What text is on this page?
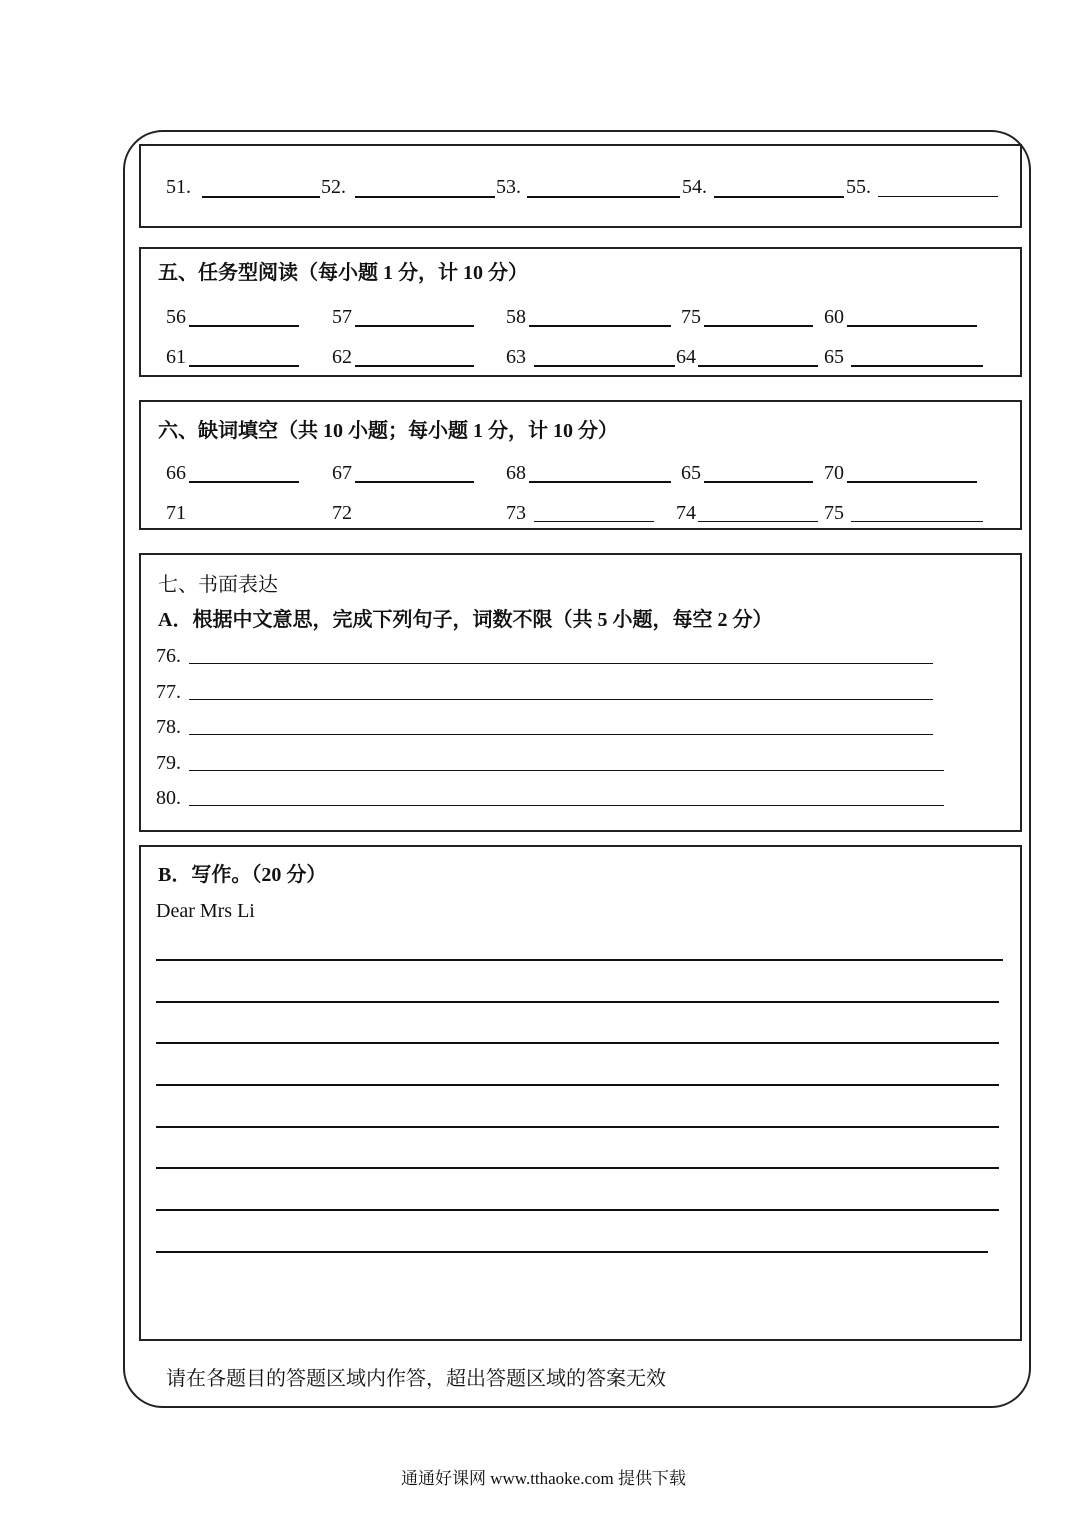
51.	52.	53.	54.	55.
五、任务型阅读（每小题 1 分，计 10 分）
56	57	58	75	60
61	62	63	64	65
六、缺词填空（共 10 小题；每小题 1 分，计 10 分）
66	67	68	65	70
71	72	73	74	75
七、书面表达
A．根据中文意思，完成下列句子，词数不限（共 5 小题，每空 2 分）
76.
77.
78.
79.
80.
B．写作。（20 分）
Dear Mrs Li
请在各题目的答题区域内作答，超出答题区域的答案无效
通通好课网 www.tthaoke.com 提供下载
